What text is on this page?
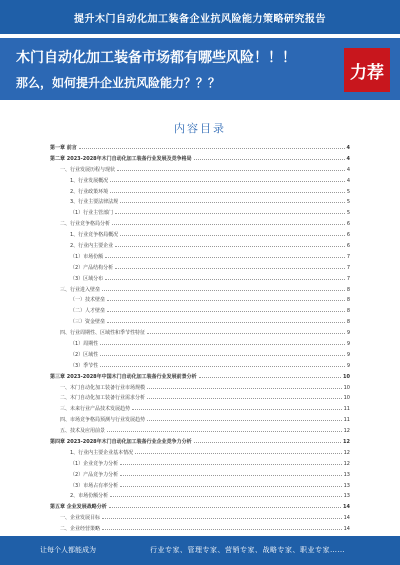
提升木门自动化加工装备企业抗风险能力策略研究报告
木门自动化加工装备市场都有哪些风险！！！
那么，如何提升企业抗风险能力？？？
力荐
内容目录
第一章 前言	4
第二章 2023-2028年木门自动化加工装备行业发展及竞争格局	4
一、行业发展历程与现状	4
1、行业发展概况	4
2、行业政策环境	5
3、行业主要法律法规	5
（1）行业主管部门	5
二、行业竞争格局分析	6
1、行业竞争格局概况	6
2、行业内主要企业	6
（1）市场份额	7
（2）产品结构分析	7
（3）区域分布	7
三、行业进入壁垒	8
（一）技术壁垒	8
（二）人才壁垒	8
（三）资金壁垒	8
四、行业周期性、区域性和季节性特征	9
（1）周期性	9
（2）区域性	9
（3）季节性	9
第三章 2023-2028年中国木门自动化加工装备行业发展前景分析	10
一、木门自动化加工装备行业市场规模	10
二、木门自动化加工装备行业需求分析	10
三、未来行业产品技术发展趋势	11
四、市场竞争格局预测与行业发展趋势	11
五、技术及应用前景	12
第四章 2023-2028年木门自动化加工装备行业企业竞争力分析	12
1、行业内主要企业基本情况	12
（1）企业竞争力分析	12
（2）产品竞争力分析	13
（3）市场占有率分析	13
2、市场份额分析	13
第五章 企业发展战略分析	14
一、企业发展目标	14
二、企业经营策略	14
让每个人都能成为	行业专家、管理专家、营销专家、战略专家、职业专家……
